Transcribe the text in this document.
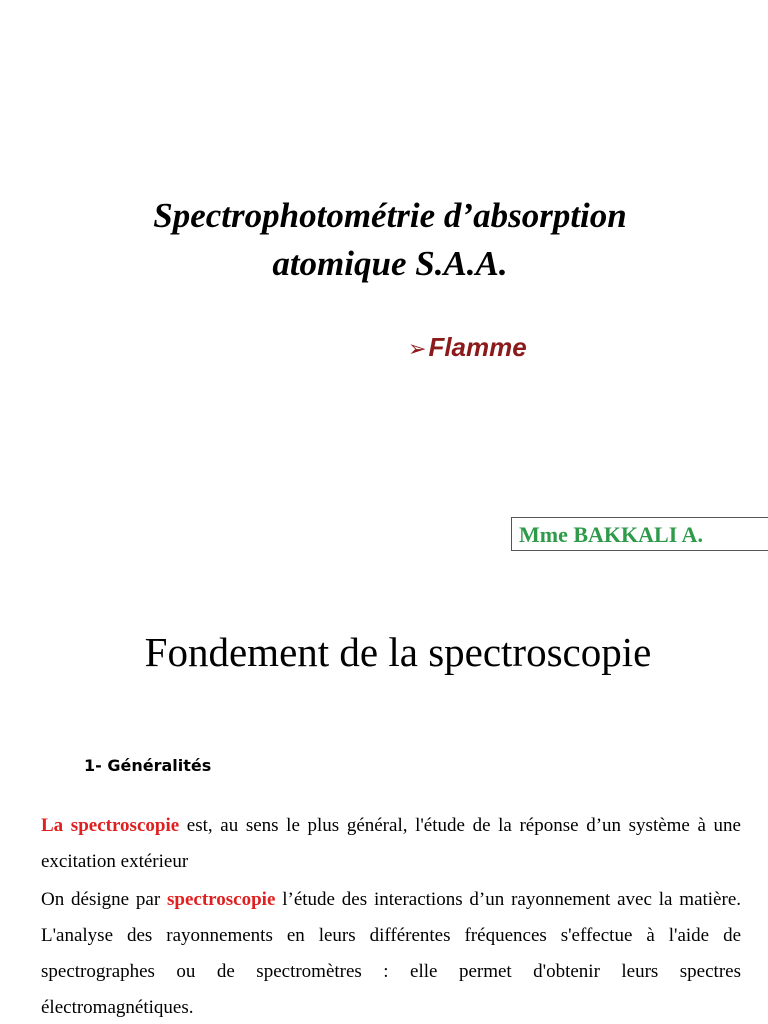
Spectrophotométrie d’absorption
atomique S.A.A.
➢Flamme
Mme BAKKALI A.
Fondement de la spectroscopie
1- Généralités

La spectroscopie est, au sens le plus général, l'étude de la réponse d’un système à une excitation extérieur

On désigne par spectroscopie l’étude des interactions d’un rayonnement avec la matière. L'analyse des rayonnements en leurs différentes fréquences s'effectue à l'aide de spectrographes ou de spectromètres : elle permet d'obtenir leurs spectres électromagnétiques.
